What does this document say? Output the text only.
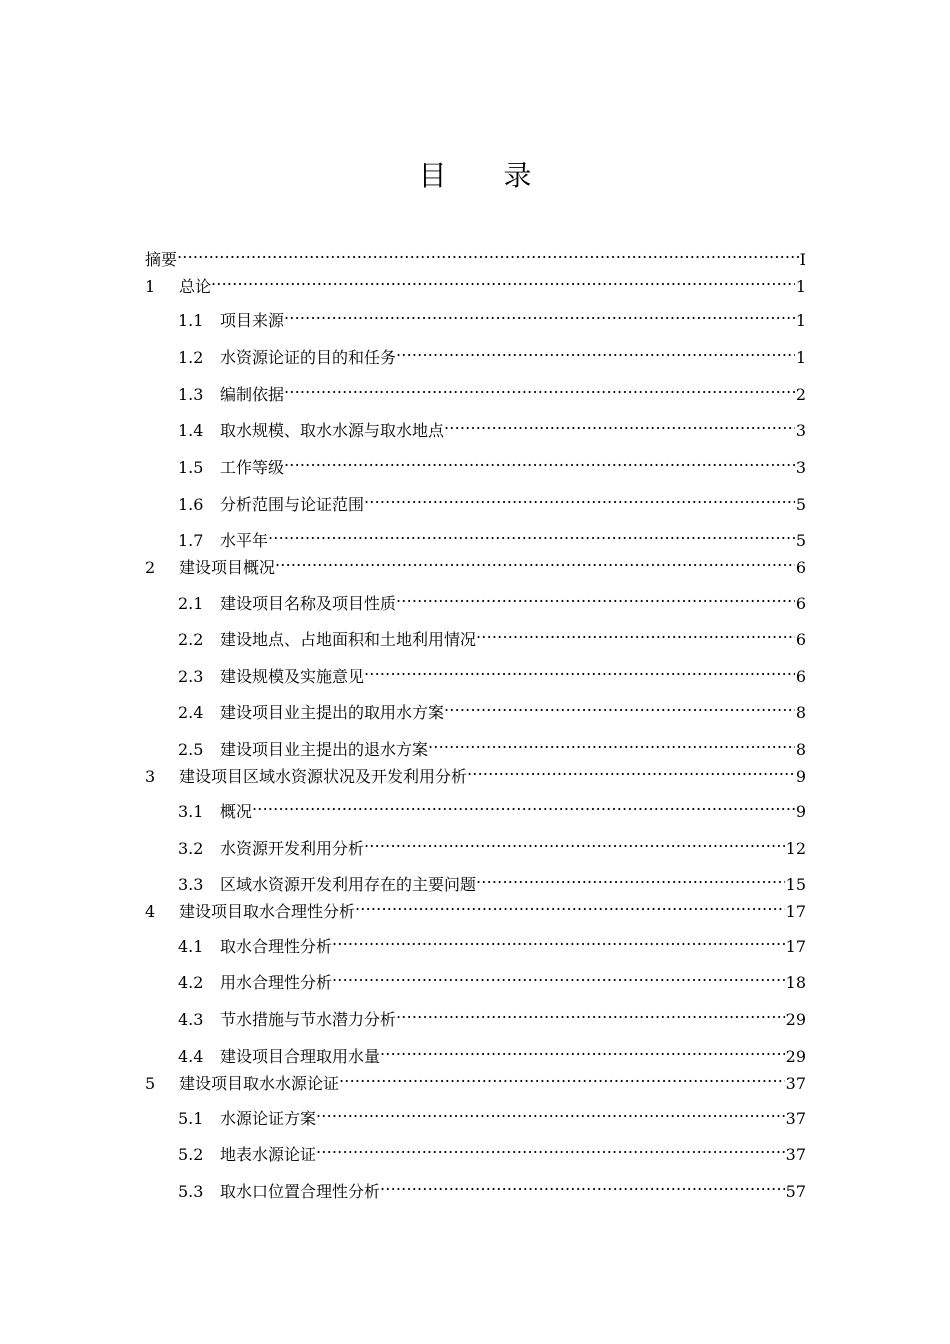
目 录
摘要 .....	Ⅰ
1	总论 .....	1
1.1	项目来源 .....	1
1.2	水资源论证的目的和任务 .....	1
1.3	编制依据 .....	2
1.4	取水规模、取水水源与取水地点 .....	3
1.5	工作等级 .....	3
1.6	分析范围与论证范围 .....	5
1.7	水平年 .....	5
2	建设项目概况 .....	6
2.1	建设项目名称及项目性质 .....	6
2.2	建设地点、占地面积和土地利用情况 .....	6
2.3	建设规模及实施意见 .....	6
2.4	建设项目业主提出的取用水方案 .....	8
2.5	建设项目业主提出的退水方案 .....	8
3	建设项目区域水资源状况及开发利用分析 .....	9
3.1	概况 .....	9
3.2	水资源开发利用分析 .....	12
3.3	区域水资源开发利用存在的主要问题 .....	15
4	建设项目取水合理性分析 .....	17
4.1	取水合理性分析 .....	17
4.2	用水合理性分析 .....	18
4.3	节水措施与节水潜力分析 .....	29
4.4	建设项目合理取用水量 .....	29
5	建设项目取水水源论证 .....	37
5.1	水源论证方案 .....	37
5.2	地表水源论证 .....	37
5.3	取水口位置合理性分析 .....	57
